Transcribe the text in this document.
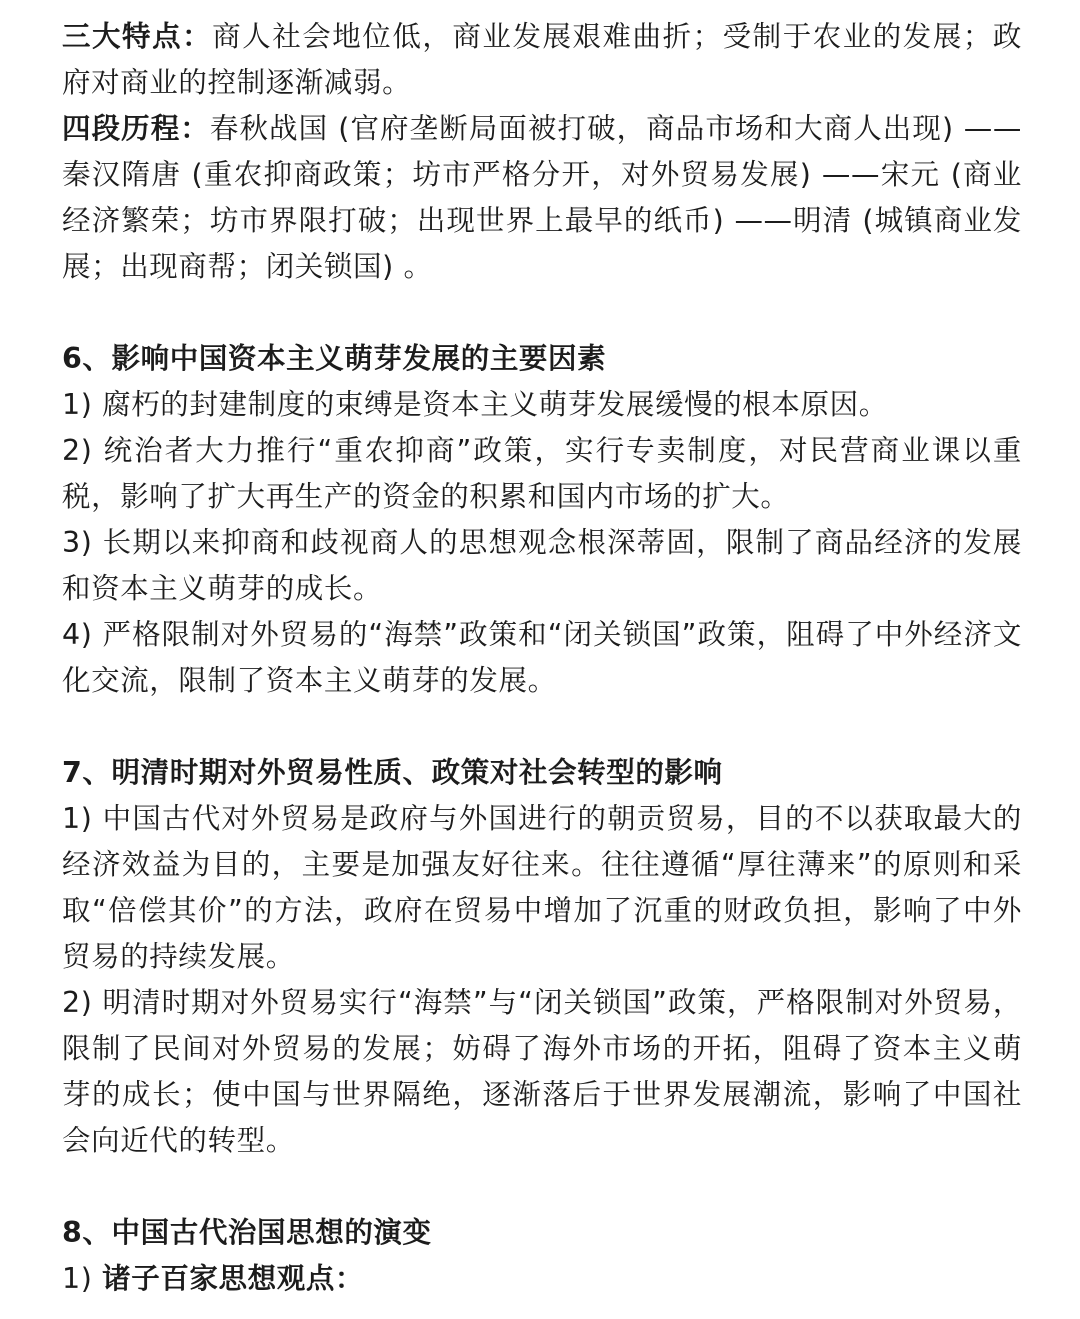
三大特点：商人社会地位低，商业发展艰难曲折；受制于农业的发展；政府对商业的控制逐渐减弱。

四段历程：春秋战国 (官府垄断局面被打破，商品市场和大商人出现) ——秦汉隋唐 (重农抑商政策；坊市严格分开，对外贸易发展) ——宋元 (商业经济繁荣；坊市界限打破；出现世界上最早的纸币) ——明清 (城镇商业发展；出现商帮；闭关锁国) 。

6、影响中国资本主义萌芽发展的主要因素

1) 腐朽的封建制度的束缚是资本主义萌芽发展缓慢的根本原因。

2) 统治者大力推行“重农抑商”政策，实行专卖制度，对民营商业课以重税，影响了扩大再生产的资金的积累和国内市场的扩大。

3) 长期以来抑商和歧视商人的思想观念根深蒂固，限制了商品经济的发展和资本主义萌芽的成长。

4) 严格限制对外贸易的“海禁”政策和“闭关锁国”政策，阻碍了中外经济文化交流，限制了资本主义萌芽的发展。

7、明清时期对外贸易性质、政策对社会转型的影响

1) 中国古代对外贸易是政府与外国进行的朝贡贸易，目的不以获取最大的经济效益为目的，主要是加强友好往来。往往遵循“厚往薄来”的原则和采取“倍偿其价”的方法，政府在贸易中增加了沉重的财政负担，影响了中外贸易的持续发展。

2) 明清时期对外贸易实行“海禁”与“闭关锁国”政策，严格限制对外贸易，限制了民间对外贸易的发展；妨碍了海外市场的开拓，阻碍了资本主义萌芽的成长；使中国与世界隔绝，逐渐落后于世界发展潮流，影响了中国社会向近代的转型。

8、中国古代治国思想的演变

1) 诸子百家思想观点：
